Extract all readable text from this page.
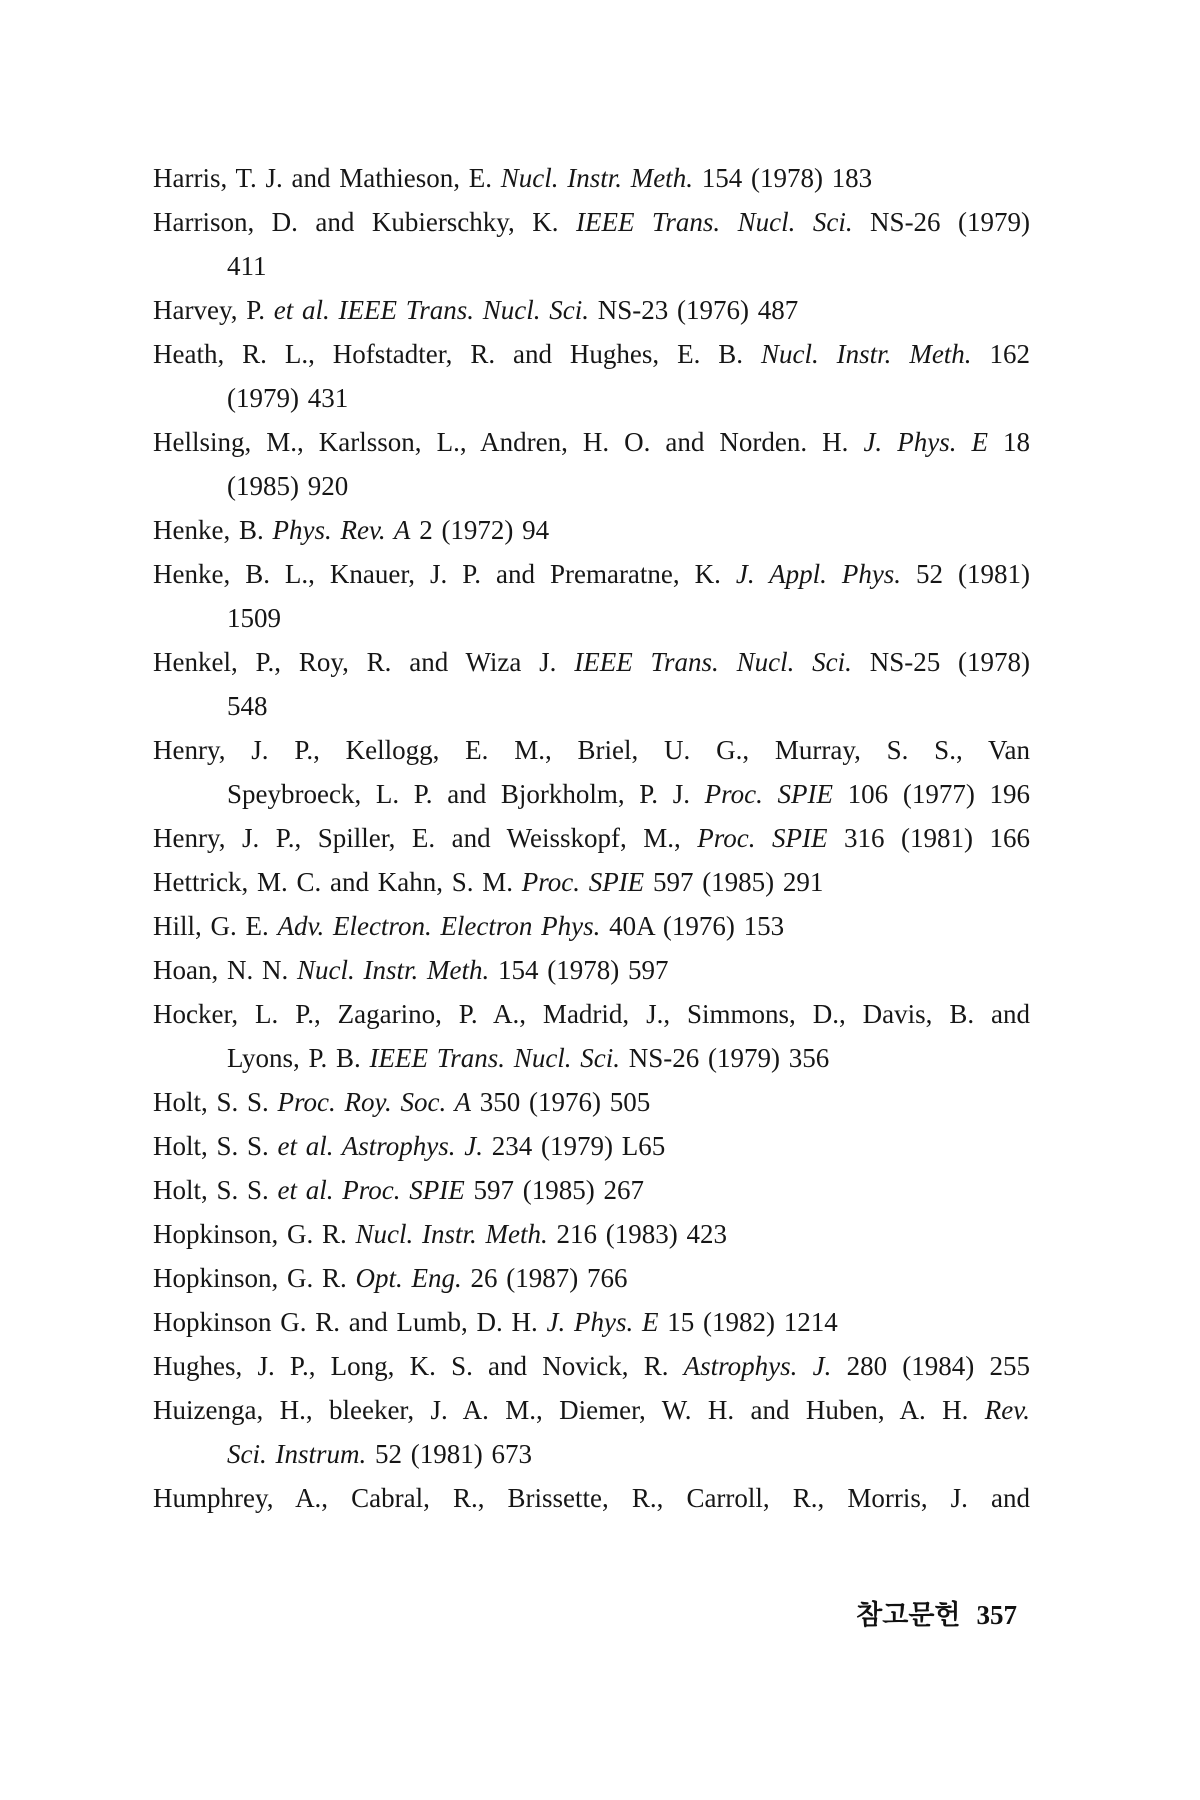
Harris, T. J. and Mathieson, E. Nucl. Instr. Meth. 154 (1978) 183
Harrison, D. and Kubierschky, K. IEEE Trans. Nucl. Sci. NS-26 (1979)
411
Harvey, P. et al. IEEE Trans. Nucl. Sci. NS-23 (1976) 487
Heath, R. L., Hofstadter, R. and Hughes, E. B. Nucl. Instr. Meth. 162
(1979) 431
Hellsing, M., Karlsson, L., Andren, H. O. and Norden. H. J. Phys. E 18
(1985) 920
Henke, B. Phys. Rev. A 2 (1972) 94
Henke, B. L., Knauer, J. P. and Premaratne, K. J. Appl. Phys. 52 (1981)
1509
Henkel, P., Roy, R. and Wiza J. IEEE Trans. Nucl. Sci. NS-25 (1978)
548
Henry, J. P., Kellogg, E. M., Briel, U. G., Murray, S. S., Van
Speybroeck, L. P. and Bjorkholm, P. J. Proc. SPIE 106 (1977) 196
Henry, J. P., Spiller, E. and Weisskopf, M., Proc. SPIE 316 (1981) 166
Hettrick, M. C. and Kahn, S. M. Proc. SPIE 597 (1985) 291
Hill, G. E. Adv. Electron. Electron Phys. 40A (1976) 153
Hoan, N. N. Nucl. Instr. Meth. 154 (1978) 597
Hocker, L. P., Zagarino, P. A., Madrid, J., Simmons, D., Davis, B. and
Lyons, P. B. IEEE Trans. Nucl. Sci. NS-26 (1979) 356
Holt, S. S. Proc. Roy. Soc. A 350 (1976) 505
Holt, S. S. et al. Astrophys. J. 234 (1979) L65
Holt, S. S. et al. Proc. SPIE 597 (1985) 267
Hopkinson, G. R. Nucl. Instr. Meth. 216 (1983) 423
Hopkinson, G. R. Opt. Eng. 26 (1987) 766
Hopkinson G. R. and Lumb, D. H. J. Phys. E 15 (1982) 1214
Hughes, J. P., Long, K. S. and Novick, R. Astrophys. J. 280 (1984) 255
Huizenga, H., bleeker, J. A. M., Diemer, W. H. and Huben, A. H. Rev.
Sci. Instrum. 52 (1981) 673
Humphrey, A., Cabral, R., Brissette, R., Carroll, R., Morris, J. and
참고문헌 357
